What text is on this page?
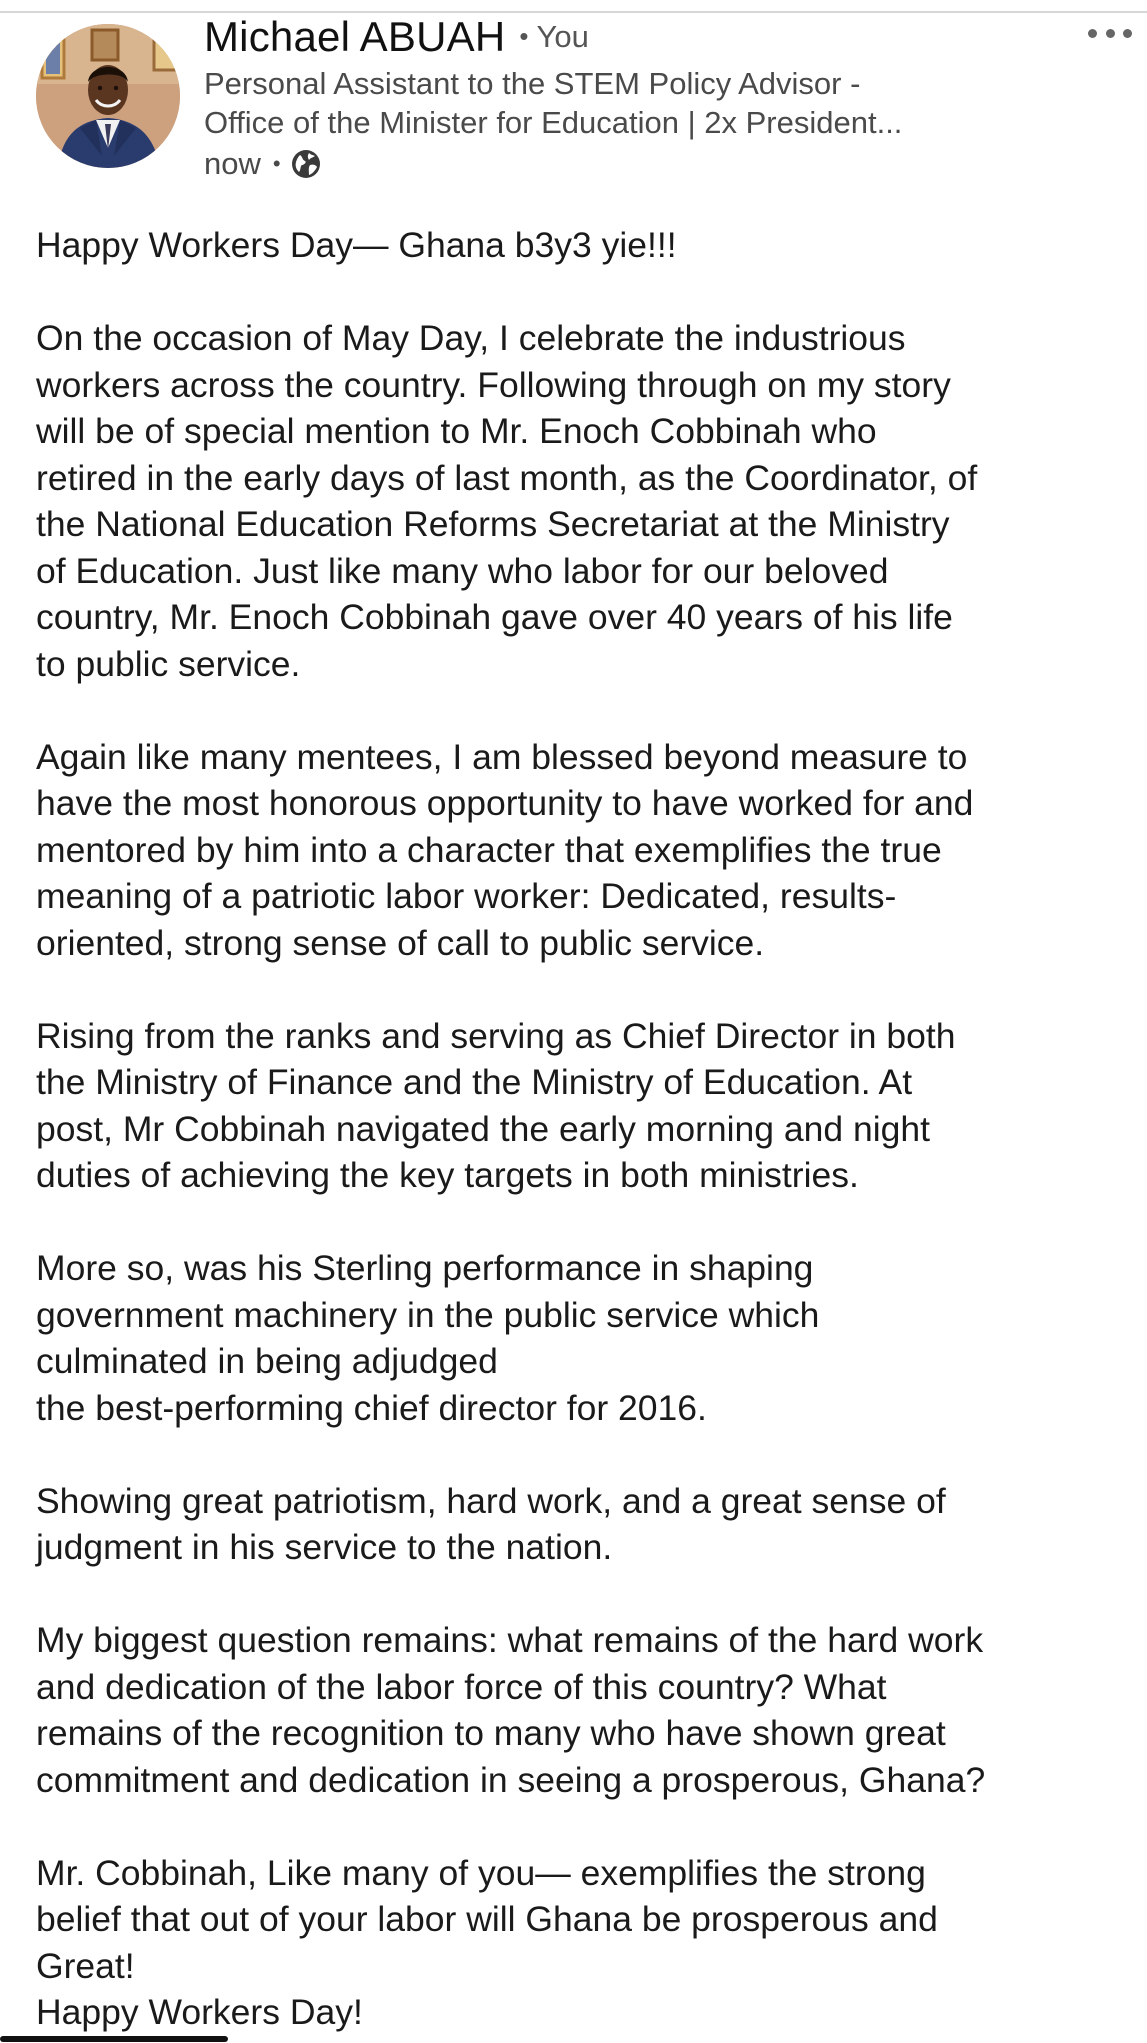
Michael ABUAH • You
Personal Assistant to the STEM Policy Advisor -
Office of the Minister for Education | 2x President...
now •
Happy Workers Day— Ghana b3y3 yie!!!
On the occasion of May Day, I celebrate the industrious
workers across the country. Following through on my story
will be of special mention to Mr. Enoch Cobbinah who
retired in the early days of last month, as the Coordinator, of
the National Education Reforms Secretariat at the Ministry
of Education. Just like many who labor for our beloved
country, Mr. Enoch Cobbinah gave over 40 years of his life
to public service.
Again like many mentees, I am blessed beyond measure to
have the most honorous opportunity to have worked for and
mentored by him into a character that exemplifies the true
meaning of a patriotic labor worker: Dedicated, results-
oriented, strong sense of call to public service.
Rising from the ranks and serving as Chief Director in both
the Ministry of Finance and the Ministry of Education. At
post, Mr Cobbinah navigated the early morning and night
duties of achieving the key targets in both ministries.
More so, was his Sterling performance in shaping
government machinery in the public service which
culminated in being adjudged
the best-performing chief director for 2016.
Showing great patriotism, hard work, and a great sense of
judgment in his service to the nation.
My biggest question remains: what remains of the hard work
and dedication of the labor force of this country? What
remains of the recognition to many who have shown great
commitment and dedication in seeing a prosperous, Ghana?
Mr. Cobbinah, Like many of you— exemplifies the strong
belief that out of your labor will Ghana be prosperous and
Great!
Happy Workers Day!
